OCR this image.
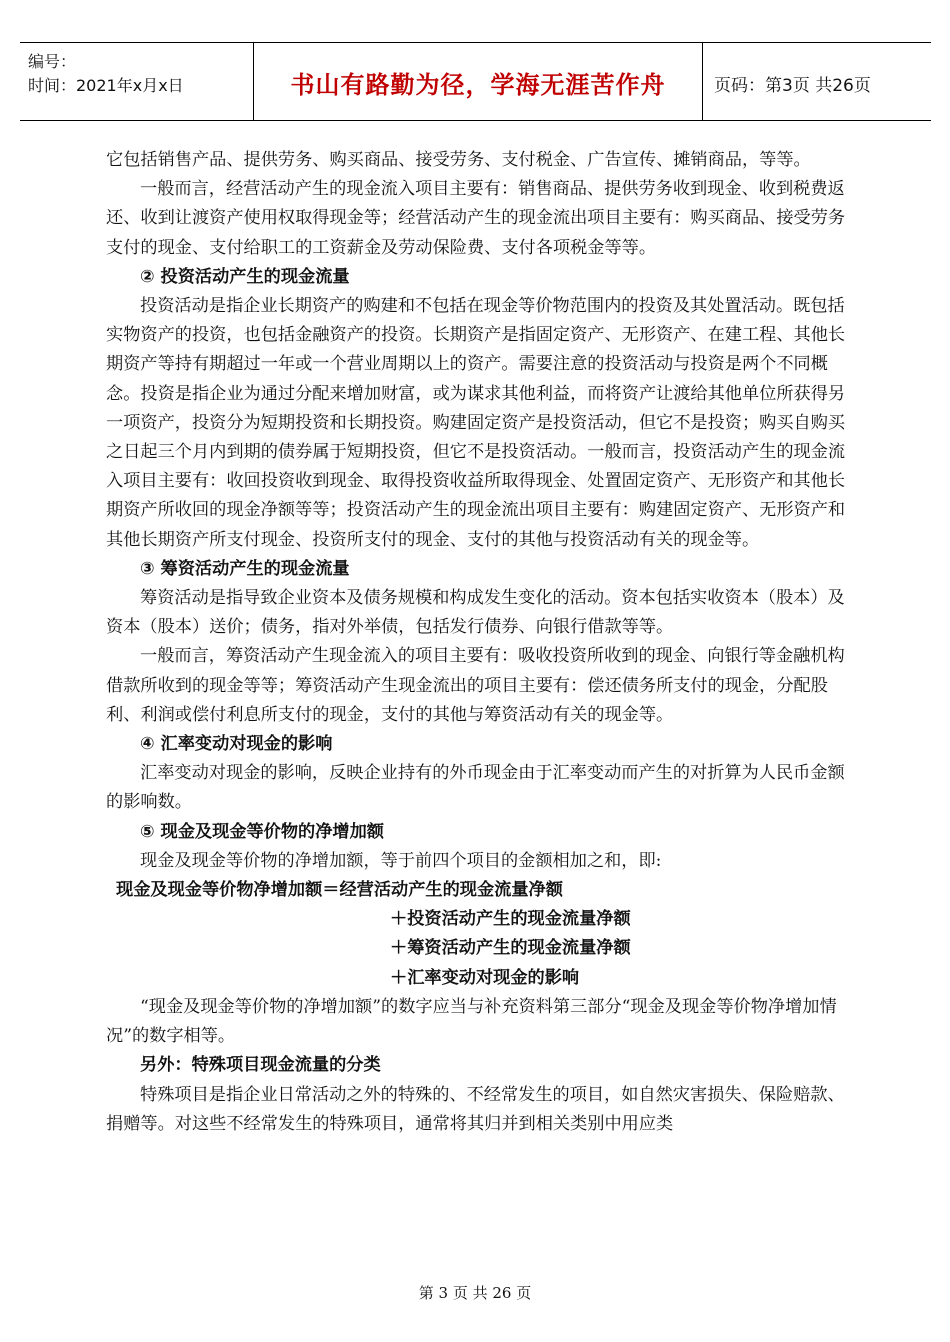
编号：
时间：2021年x月x日	书山有路勤为径，学海无涯苦作舟	页码：第3页 共26页

它包括销售产品、提供劳务、购买商品、接受劳务、支付税金、广告宣传、摊销商品，等等。

一般而言，经营活动产生的现金流入项目主要有：销售商品、提供劳务收到现金、收到税费返还、收到让渡资产使用权取得现金等；经营活动产生的现金流出项目主要有：购买商品、接受劳务支付的现金、支付给职工的工资薪金及劳动保险费、支付各项税金等等。

② 投资活动产生的现金流量

投资活动是指企业长期资产的购建和不包括在现金等价物范围内的投资及其处置活动。既包括实物资产的投资，也包括金融资产的投资。长期资产是指固定资产、无形资产、在建工程、其他长期资产等持有期超过一年或一个营业周期以上的资产。需要注意的投资活动与投资是两个不同概念。投资是指企业为通过分配来增加财富，或为谋求其他利益，而将资产让渡给其他单位所获得另一项资产，投资分为短期投资和长期投资。购建固定资产是投资活动，但它不是投资；购买自购买之日起三个月内到期的债券属于短期投资，但它不是投资活动。一般而言，投资活动产生的现金流入项目主要有：收回投资收到现金、取得投资收益所取得现金、处置固定资产、无形资产和其他长期资产所收回的现金净额等等；投资活动产生的现金流出项目主要有：购建固定资产、无形资产和其他长期资产所支付现金、投资所支付的现金、支付的其他与投资活动有关的现金等。

③ 筹资活动产生的现金流量

筹资活动是指导致企业资本及债务规模和构成发生变化的活动。资本包括实收资本（股本）及资本（股本）送价；债务，指对外举债，包括发行债券、向银行借款等等。

一般而言，筹资活动产生现金流入的项目主要有：吸收投资所收到的现金、向银行等金融机构借款所收到的现金等等；筹资活动产生现金流出的项目主要有：偿还债务所支付的现金，分配股利、利润或偿付利息所支付的现金，支付的其他与筹资活动有关的现金等。

④ 汇率变动对现金的影响

汇率变动对现金的影响，反映企业持有的外币现金由于汇率变动而产生的对折算为人民币金额的影响数。

⑤ 现金及现金等价物的净增加额

现金及现金等价物的净增加额，等于前四个项目的金额相加之和，即:

现金及现金等价物净增加额＝经营活动产生的现金流量净额

＋投资活动产生的现金流量净额

＋筹资活动产生的现金流量净额

＋汇率变动对现金的影响

“现金及现金等价物的净增加额”的数字应当与补充资料第三部分“现金及现金等价物净增加情况”的数字相等。

另外：特殊项目现金流量的分类

特殊项目是指企业日常活动之外的特殊的、不经常发生的项目，如自然灾害损失、保险赔款、捐赠等。对这些不经常发生的特殊项目，通常将其归并到相关类别中用应类

第 3 页 共 26 页
